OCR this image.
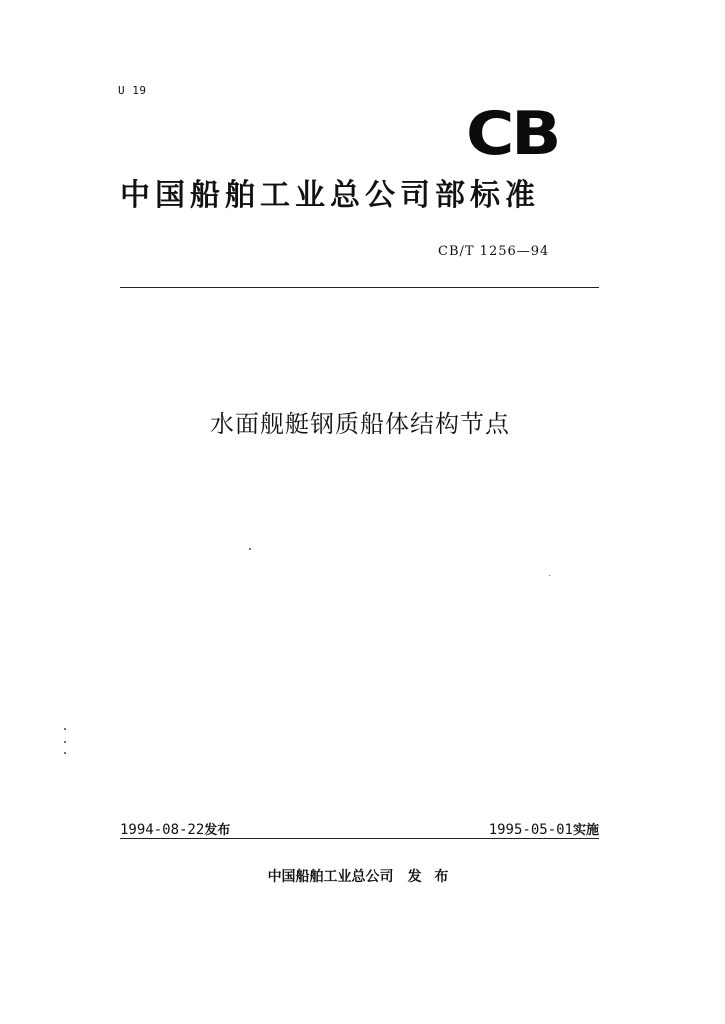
U 19
CB
中国船舶工业总公司部标准
CB/T 1256—94
水面舰艇钢质船体结构节点
1994-08-22发布	1995-05-01实施
中国船舶工业总公司 发 布
